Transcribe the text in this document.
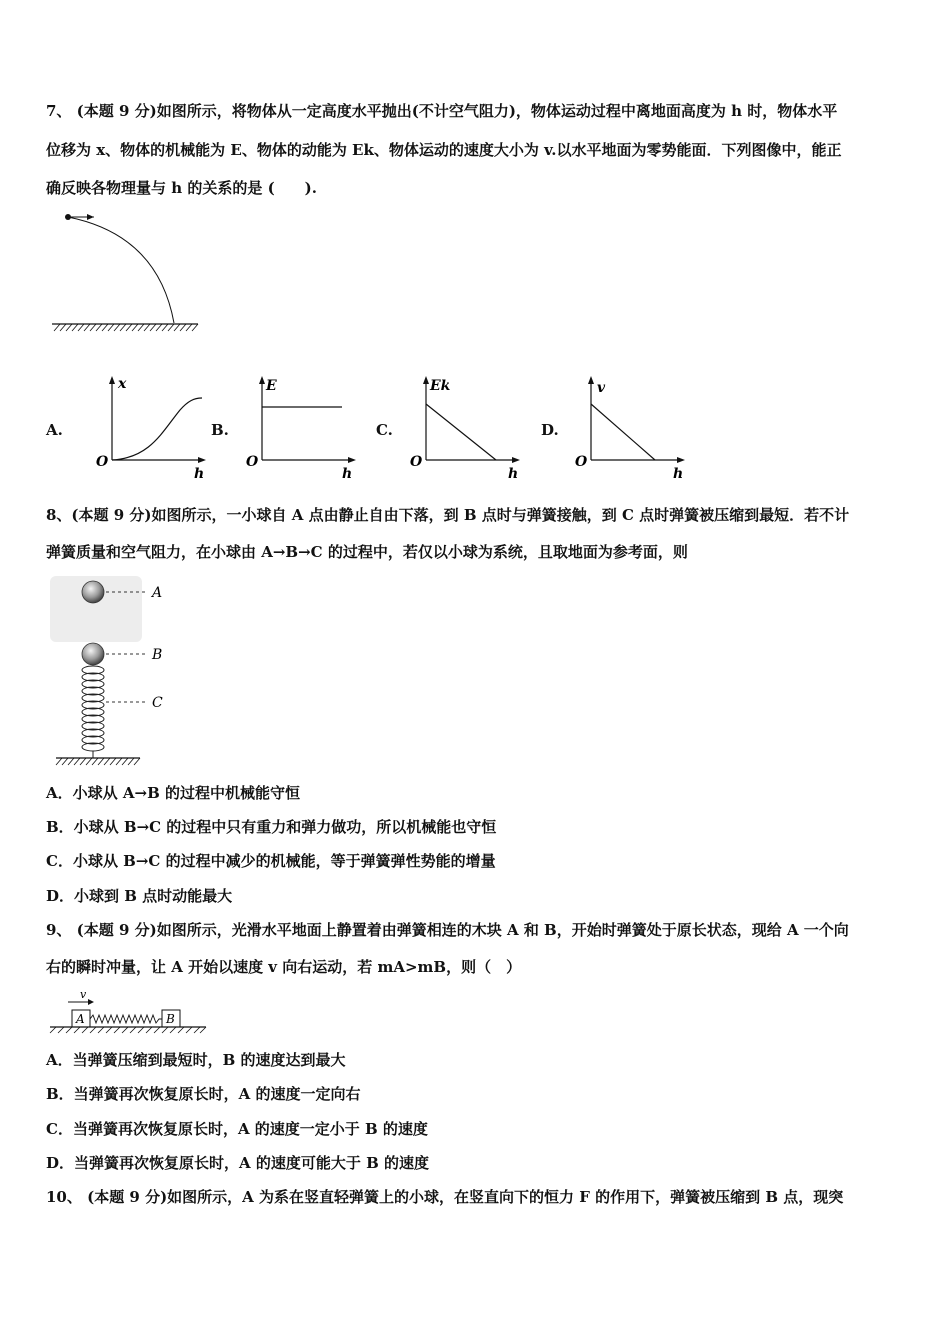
7、 (本题 9 分)如图所示，将物体从一定高度水平抛出(不计空气阻力)，物体运动过程中离地面高度为 h 时，物体水平
位移为 x、物体的机械能为 E、物体的动能为 Ek、物体运动的速度大小为 v.以水平地面为零势能面．下列图像中，能正
确反映各物理量与 h 的关系的是 (　　).
A.
x
O
h
B.
E
O
h
C.
Ek
O
h
D.
v
O
h
8、(本题 9 分)如图所示，一小球自 A 点由静止自由下落，到 B 点时与弹簧接触，到 C 点时弹簧被压缩到最短．若不计
弹簧质量和空气阻力，在小球由 A→B→C 的过程中，若仅以小球为系统，且取地面为参考面，则
A
B
C
A．小球从 A→B 的过程中机械能守恒
B．小球从 B→C 的过程中只有重力和弹力做功，所以机械能也守恒
C．小球从 B→C 的过程中减少的机械能，等于弹簧弹性势能的增量
D．小球到 B 点时动能最大
9、 (本题 9 分)如图所示，光滑水平地面上静置着由弹簧相连的木块 A 和 B，开始时弹簧处于原长状态，现给 A 一个向
右的瞬时冲量，让 A 开始以速度 v 向右运动，若 mA>mB，则（　）
v
A	B
A．当弹簧压缩到最短时，B 的速度达到最大
B．当弹簧再次恢复原长时，A 的速度一定向右
C．当弹簧再次恢复原长时，A 的速度一定小于 B 的速度
D．当弹簧再次恢复原长时，A 的速度可能大于 B 的速度
10、 (本题 9 分)如图所示，A 为系在竖直轻弹簧上的小球，在竖直向下的恒力 F 的作用下，弹簧被压缩到 B 点，现突
